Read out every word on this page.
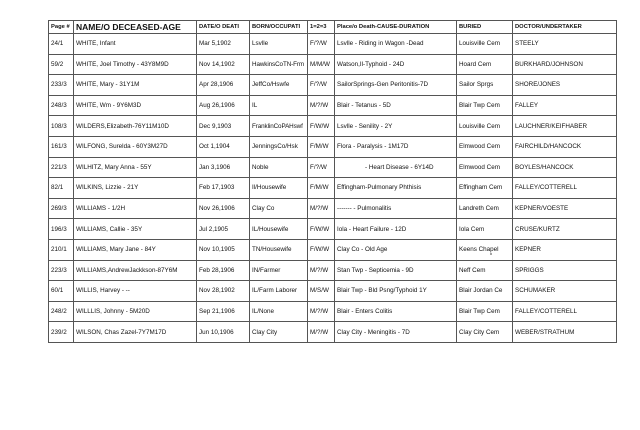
Page #	NAME/O DECEASED-AGE	DATE/O DEATI	BORN/OCCUPATI	1=2=3	Place/o Death-CAUSE-DURATION	BURIED	DOCTOR/UNDERTAKER
24/1	WHITE, Infant	Mar 5,1902	Lsvlle	F/?/W	Lsvlle - Riding in Wagon -Dead	Louisville Cem	STEELY
59/2	WHITE, Joel Timothy - 43Y8M9D	Nov 14,1902	HawkinsCoTN-Frm	M/M/W	Watson,Il-Typhoid - 24D	Hoard Cem	BURKHARD/JOHNSON
233/3	WHITE, Mary - 31Y1M	Apr 28,1906	JeffCo/Hswfe	F/?/W	SailorSprings-Gen Peritonitis-7D	Sailor Sprgs	SHORE/JONES
248/3	WHITE, Wm - 9Y6M3D	Aug 26,1906	IL	M/?/W	Blair - Tetanus - 5D	Blair Twp Cem	FALLEY
108/3	WILDERS,Elizabeth-76Y11M10D	Dec 9,1903	FranklinCoPAHswf	F/W/W	Lsvlle - Senility - 2Y	Louisville Cem	LAUCHNER/KEIFHABER
161/3	WILFONG, Surelda - 60Y3M27D	Oct 1,1904	JenningsCo/Hsk	F/M/W	Flora - Paralysis - 1M17D	Elmwood Cem	FAIRCHILD/HANCOCK
221/3	WILHITZ, Mary Anna - 55Y	Jan 3,1906	Noble	F/?/W	- Heart Disease - 6Y14D	Elmwood Cem	BOYLES/HANCOCK
82/1	WILKINS, Lizzie - 21Y	Feb 17,1903	Il/Housewife	F/M/W	Effingham-Pulmonary Phthisis	Effingham Cem	FALLEY/COTTERELL
269/3	WILLIAMS - 1/2H	Nov 26,1906	Clay Co	M/?/W	------- - Pulmonalitis	Landreth Cem	KEPNER/VOESTE
196/3	WILLIAMS, Callie - 35Y	Jul 2,1905	IL/Housewife	F/W/W	Iola - Heart Failure - 12D	Iola Cem	CRUSE/KURTZ
210/1	WILLIAMS, Mary Jane - 84Y	Nov 10,1905	TN/Housewife	F/W/W	Clay Co - Old Age	Keens Chapel	KEPNER
223/3	WILLIAMS,AndrewJackkson-87Y6M	Feb 28,1906	IN/Farmer	M/?/W	Stan Twp - Septicemia - 9D	Neff Cem	SPRIGGS
60/1	WILLIS, Harvey - --	Nov 28,1902	IL/Farm Laborer	M/S/W	Blair Twp - Bld Psng/Typhoid 1Y	Blair Jordan Ce	SCHUMAKER
248/2	WILLLIS, Johnny - 5M20D	Sep 21,1906	IL/None	M/?/W	Blair - Enters Colitis	Blair Twp Cem	FALLEY/COTTERELL
239/2	WILSON, Chas Zazel-7Y7M17D	Jun 10,1906	Clay City	M/?/W	Clay City - Meningitis - 7D	Clay City Cem	WEBER/STRATHUM
